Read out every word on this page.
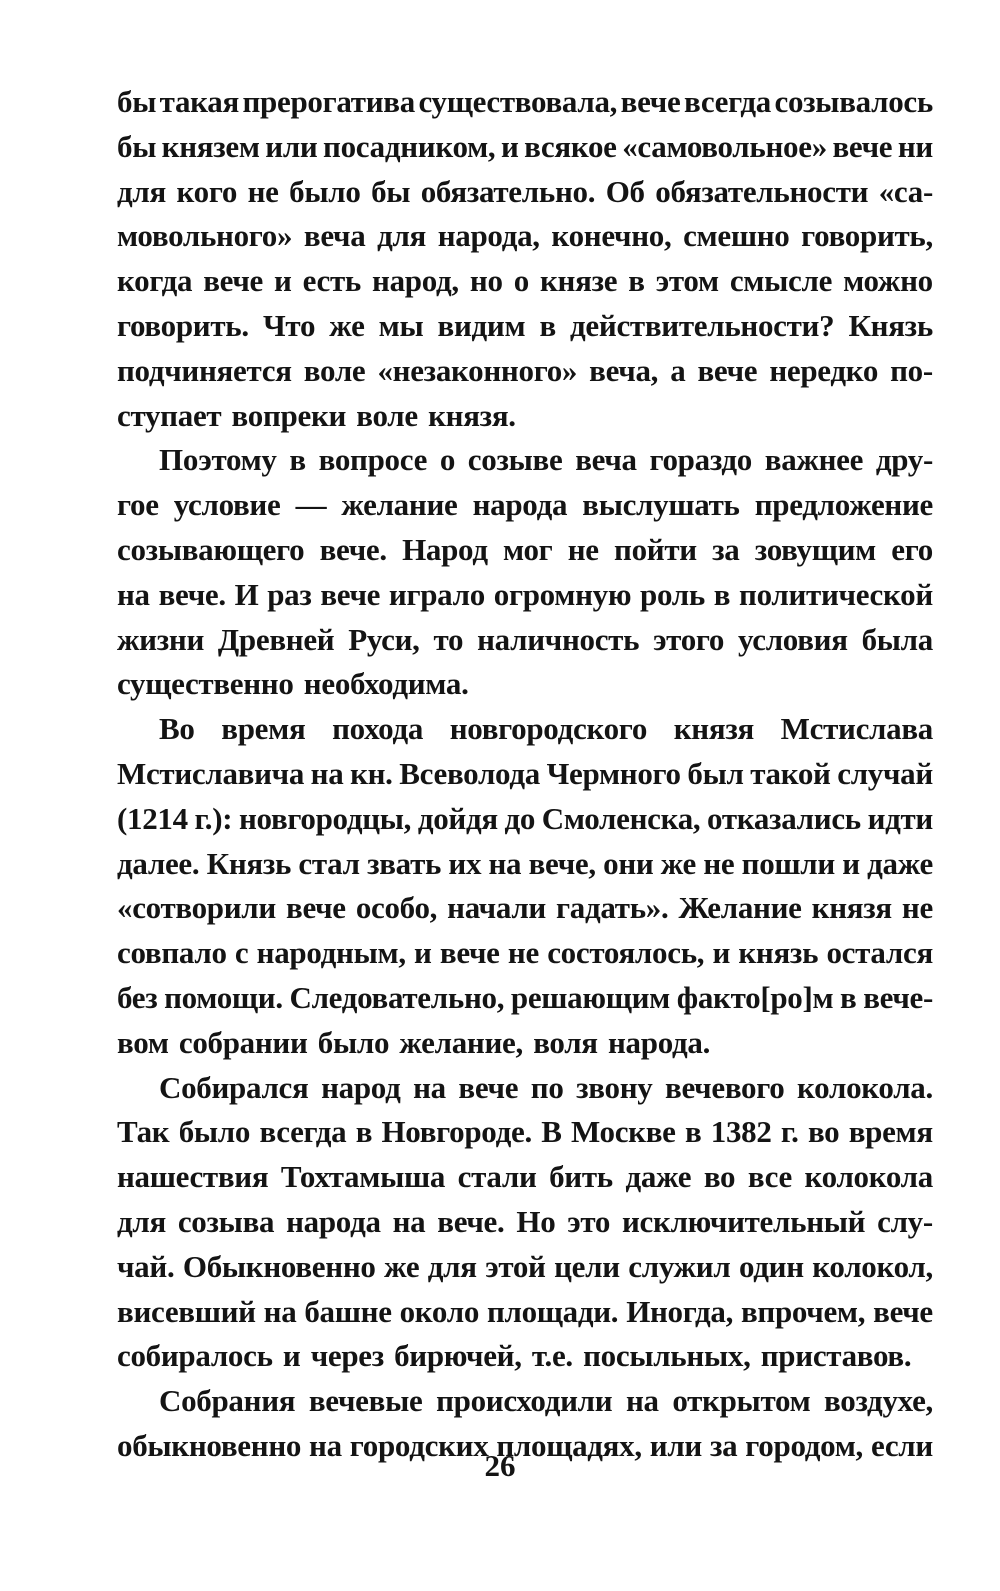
бы такая прерогатива существовала, вече всегда созывалось
бы князем или посадником, и всякое «самовольное» вече ни
для кого не было бы обязательно. Об обязательности «са-
мовольного» веча для народа, конечно, смешно говорить,
когда вече и есть народ, но о князе в этом смысле можно
говорить. Что же мы видим в действительности? Князь
подчиняется воле «незаконного» веча, а вече нередко по-
ступает вопреки воле князя.
Поэтому в вопросе о созыве веча гораздо важнее дру-
гое условие — желание народа выслушать предложение
созывающего вече. Народ мог не пойти за зовущим его
на вече. И раз вече играло огромную роль в политической
жизни Древней Руси, то наличность этого условия была
существенно необходима.
Во время похода новгородского князя Мстислава
Мстиславича на кн. Всеволода Чермного был такой случай
(1214 г.): новгородцы, дойдя до Смоленска, отказались идти
далее. Князь стал звать их на вече, они же не пошли и даже
«сотворили вече особо, начали гадать». Желание князя не
совпало с народным, и вече не состоялось, и князь остался
без помощи. Следовательно, решающим факто[ро]м в вече-
вом собрании было желание, воля народа.
Собирался народ на вече по звону вечевого колокола.
Так было всегда в Новгороде. В Москве в 1382 г. во время
нашествия Тохтамыша стали бить даже во все колокола
для созыва народа на вече. Но это исключительный слу-
чай. Обыкновенно же для этой цели служил один колокол,
висевший на башне около площади. Иногда, впрочем, вече
собиралось и через бирючей, т.е. посыльных, приставов.
Собрания вечевые происходили на открытом воздухе,
обыкновенно на городских площадях, или за городом, если
26
